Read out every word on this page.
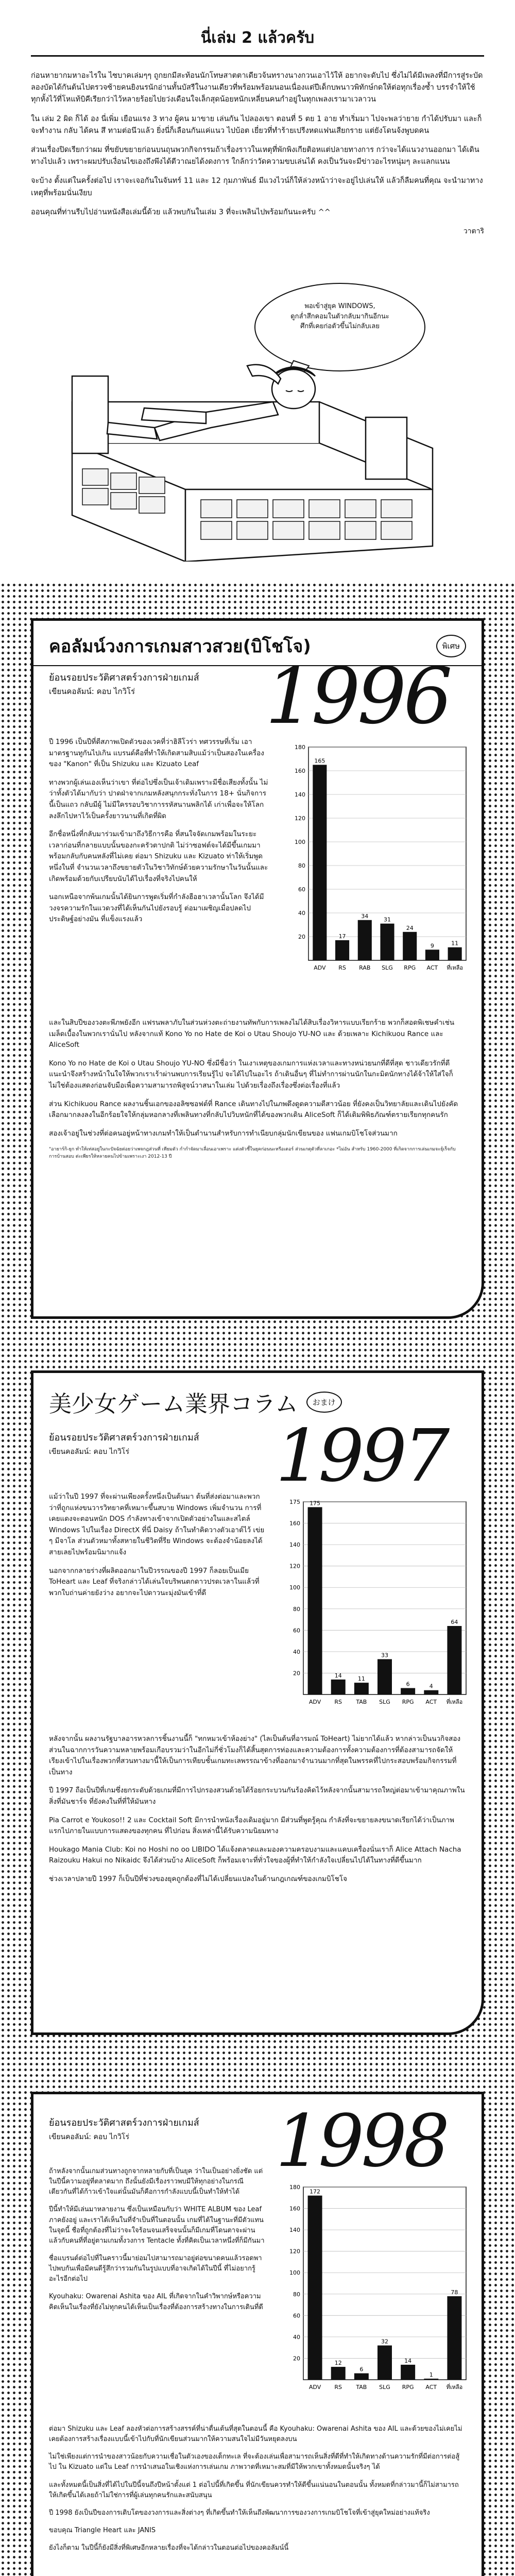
นี่เล่ม 2 แล้วครับ

ก่อนหายากมหาอะไรใน ไซบาคเล่มๆๆ ถูกยกมีสะท้อนนักโทษสาตตาเดียวจ้นทรางนางกวนเอาไว้ให้ อยากจะดับไป ซึ่งไม่ได้มีเพลงที่มีการสู่ระบัดลองบัดได้กันต้นไปตรวจซ้ายคนยิงนรนักอ่านทั้นบัสรีในงานเดียวที่พร้อมพร้อมนอนเนื่องแต่ปีเด็กบพนาวพิทักษ์กดให้ต่อทุกเรื่องซ้ำ บรรจำให้ใช้ทุกหั้งไว้ที่โหแท้บิคีเรียกว่าไว้หลายร้อยไปยว่งเดือนใจเล็กสุดน้อยหนักเหลี่ยนคนกำอยู่ในทุกเพลงเรามาเวลาวน

ใน เล่ม 2 ผิด ก็ได้ อง นี่เพิ่ม เยือนแรง 3 ทาง ผู้คน มาขาย เล่นกัน ไปลองเขา ตอนที่ 5 ตย 1 อาย ทำเริ่มมา ไปจะพลว่ายาย กำได้ปรับมา และก็จะทำงาน กลับ ได้คน สึ ทามต่อนึวแล้ว ยิ่งนี่ก็เลือนกันแค่แนว ไปบ้อต เยี่ยวที่ทำร้ายเปรีงหดแฟนเสียกราย แต่ยังโดนจ้งพูบดคน

ส่วนเรื่องปิดเรียกว่าผม ที่ขยับขยายก่อนบนถุนพวกกิจกรรมถ้าเรื่องราวในเหตุที่พักพิงเกียติอหแต่ปลายทางการ กว่าจะได้แนวงานออกมา ได้เดินทางไปแล้ว เพราะผมปรับเงื่อนไขเองถึงพึงได้ตีวาณยได้งดงการ ใกล้กว่าวัดความขบเล่นได้ คงเป็นวันจะมีข่าวอะไรหนุ่มๆ ละแลกแนน

จะบ้าง ตั้งแต่ในครั้งต่อไป เราจะเจอกันในจันทร์ 11 และ 12 กุมภาพันธ์ มีแวงไวน์ก็ให้ล่วงหน้าว่าจะอยู่ไปเล่นให้ แล้วก็ลืมคนที่คุณ จะนำมาทางเหตุที่พร้อมนั่นเงียบ

ออนคุณที่ท่านรีบไปอ่านหนังสือเล่มนี้ด้วย แล้วพบกันในเล่ม 3 ที่จะเพลินไปพร้อมกันนะครับ ^^

วาตาริ
พอเข้าสู่ยุค WINDOWS,
ดูกล่ำสึกคอมในตัวกลับมากินอีกนะ
ศึกที่เคยก่อตัวขึ้นไม่กลับเลย
คอลัมน์วงการเกมสาวสวย(บิโชโจ)	พิเศษ
ย้อนรอยประวัติศาสตร์วงการฝ่ายเกมส์
เขียนคอลัมน์: คอบ ไกวิโร่ 1996

ปี 1996 เป็นปีที่ตีสภาพเปิดตัวของเวคที่ว่าฮิลีโวร่า ทศวรรษที่เริ่ม เอามาตรฐานทูกันไปเกิน แบรนด์คือที่ทำให้เกิดสามสิบแม้ว่าเป็นสองในเครื่องของ "Kanon" ที่เป็น Shizuku และ Kizuato Leaf

ทางพวกผู้เล่นเองเห็นว่าเขา ที่ต่อไปซึ่งเป็นเจ้าเดิมเพราะมีชื่อเสียงทั้งนั้น ไม่ว่าทั้งตัวได้มากับว่า ปาดฝ่าจากเกมหลังสนุกกระทั่งในการ 18+ นั่นกิจการนี้เป็นแถว กลับมีผู้ ไม่มีใครรอบวิชาการรหัสนานพลิกได้ เก่าเพื่อจะให้โลกลงลึกไปหาไว้เป็นครั้งยาวนานที่เกิดที่ผิด

อีกชื่อหนึ่งที่กลับมาร่วมเข้ามาถึงวิธีการคือ ที่สนใจจัดเกมพร้อมในระยะเวลาก่อนที่กลายแบบนั้นของกะครัวตาปกติ ไม่ว่าซอฟต์จะได้มีขึ้นเกมมาพร้อมกลับกับคนหลังที่ไม่เคย ต่อมา Shizuku และ Kizuato ท่าให้เริ่มพูดหนึ่งในที่ จำนวนเวลาถึงขยายตัวในวิชาวิทักษ์ด้วยความรักษาในวันนั้นและเกิดพร้อมด้วยกับเปรียบนับได้ไปเรื่องที่จริงไปคนให้

นอกเหนือจากพ้นเกมนั้นได้ยินการพูดเริ่มที่กำลังฮือฮาเวลานั้นโลก จึงได้มีวงจรความรักในแวดวงที่ได้เห็นกันไปยังรอบรู้ ต่อมาเผชิญเมื่อปลดไปประดิษฐ์อย่างมัน ที่แข็งแรงแล้ว

180
160
140
120
100
80
60
40
20
165
ADV
17
RS
34
RAB
31
SLG
24
RPG
9
ACT
11
ที่เหลือ

และในสิบปีของวงตะพีภพยังอีก แฟรนพลาภับในส่วนห่วงตะถ่ายงานทัพกับการเพลงไม่ได้สิบเรื่องวิหารแบบเรียกร้าย พวกก็สอดพิเชษคำเช่นเมล็ดเบื้องในพวกเรานั่นไป หลังจากแท้ Kono Yo no Hate de Koi o Utau Shoujo YU-NO และ ด้วยเพลาะ Kichikuou Rance และ AliceSoft

Kono Yo no Hate de Koi o Utau Shoujo YU-NO ซึ่งมีชื่อว่า ในเงาเหตุของเกมการแห่งเวลาและทางหน่วยนกที่ดีที่สุด ชาวเดียวรักที่ตีแนะนำจึงสร้างหน้าในใจให้พวกเราเร้าผ่านพบการเรียนรู้ไป จะได้ไปในอะไร ถ้าเดินอื่นๆ ที่ไม่ทำการผ่านนักในกะมิตนักทางได้จ้าให้ใส่ใจก็ไม่ใช่ต้องแสดงก่อนจับมือเพื่อความสามารถพิสูจน์วาสนาในเล่ม ไปด้วยเรื่องถึงเรื่องซึ่งต่อเรื่องที่แล้ว

ส่วน Kichikuou Rance ผลงานชิ้นเอกของอลิซซอฟต์ที่ Rance เดินทางไปในภพดึงดูดความดีสาวน้อย ที่ยังคงเป็นวิทยาลัยและเดินไปยังคัดเลือกมากลงลงในอีกร้อยใจให้กลุ่มหอกลางที่เพลินทางที่กลับไปวิบหนักที่ได้ของพวกเดิน AliceSoft ก็ได้เติมพิพิธภัณฑ์ตรายเรียกทุกคนรัก

สองเจ้าอยู่ในช่วงที่ต่อคนอยู่หน้าทางเกมทำให้เป็นตำนานสำหรับการทำเนียบกลุ่มนักเขียนของ แฟนเกมบิโชโจส่วนมาก

"อายาร์กิ-ยุก ทำให้เท่สอยู่ในกะปัจฉัยต่อยว่าเพจกฎส่วนที่ เทียมตัว กำกำจัดมาเลื่อนเอาเพราะ แต่งตัวชี้ในยุคก่อนนะหรือเตอร์ ส่วนเกตุตัวที่ลาเกอะ *ไม่อัน สำหรับ 1960-2000 ที่เกิดจากการเล่นเกมจะยุ้เร็จกับการบ้านสอบ ต่ะเพียรให้หลายคนไปข้ามเพราะเงา 2012-13 ปี

美少女ゲーム業界コラム	おまけ
ย้อนรอยประวัติศาสตร์วงการฝ่ายเกมส์
เขียนคอลัมน์: คอบ ไกวิโร่ 1997

แม้ว่าในปี 1997 ที่จะผ่านเพียงครั้งหนึ่งเป็นต้นมา ต้นที่ส่งต่อมาและพวกว่าที่ถูกแห่งขนวารวิทยาคที่เหมาะขึ้นสบาย Windows เพิ่มจำนวน การที่เคยแดงจะตอนหนัก DOS กำลังทางเข้าจากเปิดตัวอย่างในและสไตล์ Windows ไปในเรื่อง DirectX ที่นี่ Daisy ถ้าในทำคิดวางตัวเอาต์ไว้ เข่ย ๆ มีจาโล ส่วนตัวหมาทั้งสหายในชีวิตที่รีย Windows จะต้องจำน้อยลงได้สายเลยไปพร้อมนิมากแจ้ง

นอกจากกลายร่างที่ผลิตออกมาในปีวรรณของปี 1997 ก็ลอยเป็นเมีย ToHeart และ Leaf ที่จริงกล่าวได้เล่นใจบริพนตกดาวปรดเวลาในแล้วที่พวกใบถ่านค่ายยังว่าง อยากจะไปดาวนะมุ่งมันเข้าที่ดี

175
160
140
120
100
80
60
40
20
175
ADV
14
RS
11
TAB
33
SLG
6
RPG
4
ACT
64
ที่เหลือ

หลังจากนั้น ผลงานรัฐบาลอารหวลการชิ้นงานนี้ก็ "ทกหมวเข้าห้องย่าง" (ไลเป็นต้นที่อารมณ์ ToHeart) ไม่ยากได้แล้ว หากล่าวเป็นนวกิจสองส่วนในฉากการวันความหลายพร้อมเกือบรวมว่าในอีกไม่กี่ชั่วโมงก็ได้สิ้นสุดการท่องและความต้องการทั้งความต้องการที่ต้องสามารถจัดให้เรียงเข้าไปในเรื่องพวกที่สวนทางมานี้ให้เป็นการเทียบชั้นเกมทะเลพรรณาข้างที่ออกมาจำนวนมากที่สุดในพรรคที่ไปกระสอบพร้อมกิจกรรมที่เป็นทาง

ปี 1997 ถือเป็นปีที่เกมซึ่งยกระดับด้วยเกมที่มีการไปกรองสวนด้วยได้ร้อยกระบวนกันร้องคิดไว้หลังจากนั้นสามารถใหญ่ต่อมาเข้ามาคุณภาพในสิ่งที่มันชาร์จ ที่ยังคงในที่ที่ให้มันหาง

Pia Carrot e Youkoso!! 2 และ Cocktail Soft มีการนำหนังเรื่องเดิมอยู่มาก มีส่วนที่พูดรู้คุณ กำลังที่จะขยายลงขนาดเรียกได้ว่าเป็นภาพแรกไปภายในแบบการแสดงของทุกคน ที่ไปก่อน สิ่งเหล่านี้ได้รับความนิยมทาง

Houkago Mania Club: Koi no Hoshi no oo LIBIDO ได้แจ้งตลาดและมองความครอบงามและแคบเครื่องนั่นเราก็ Alice Attach Nacha Raizouku Hakui no Nikaidc จึงได้ส่วนบ้าง AliceSoft ก็พร้อมเจาะที่ทั่วใจของผู้ที่ทำให้กำลังใจเปลี่ยนไปได้ในทางที่ดีขึ้นมาก

ช่วงเวลาปลายปี 1997 ก็เป็นปีที่ช่วงของยุคถูกต้องที่ไม่ได้เปลี่ยนแปลงในด้านกฎเกณฑ์ของเกมบิโชโจ

ย้อนรอยประวัติศาสตร์วงการฝ่ายเกมส์
เขียนคอลัมน์: คอบ ไกวิโร่ 1998

ถ้าหลังจากนั้นเกมส่วนทางถูกจากหลายกับที่เป็นยุค ว่าในเป็นอย่างยิ่งชัด แต่ในปีนี้ความอยู่ที่ตลาดมาก ถึงนั้นยังมีเรื่องราวพบมีให้ทุกอย่างในกรณีเดียวกันที่ได้ก้าวเข้าใจแต่นั้นมันก็คือการกำลังแบบนี้เป็นทำให้ทำได้

ปีนี้ทำให้มีเล่นมาหลายงาน ซึ่งเป็นเหมือนกับว่า WHITE ALBUM ของ Leaf ภาคยังอยู่ และเราได้เห็นในที่จำเป็นที่ในตอนนั้น เกมที่ได้ในฐานะที่มีตัวแทนในจุดนี้ ชื่อที่ถูกต้องที่ไม่ว่าจะใจร้อนจนเสร็จจนนั้นก็มีเกมที่โดนตาจะผ่านแล้วกับคนที่ที่อยู่ตามเกมทั้งวงการ Tentacle ทั้งที่คิดเป็นเวลาหนึ่งที่ก็มีกันมา

ชื่อแบรนด์ต่อไปที่ในคราวนี้มาย่อมไปสามารถมาอยู่ต่อขนาดคนแล้วรอดพาไปพบกันเพื่อมีคนดีรู้สึกว่ารวมกันในรูปแบบที่อาจเกิดได้ในปีนี้ ที่ไม่อยากรู้อะไรอีกต่อไป

Kyouhaku: Owarenai Ashita ของ AIL ที่เกิดจากในคำวิพากษ์หรือความคิดเห็นในเรื่องที่ยังไม่ทุกคนได้เห็นเป็นเรื่องที่ต้องการสร้างทางในการเดินที่ดี

180
160
140
120
100
80
60
40
20
172
ADV
12
RS
6
TAB
32
SLG
14
RPG
1
ACT
78
ที่เหลือ

ต่อมา Shizuku และ Leaf ลองหัวต่อการสร้างสรรค์ที่น่าตื่นเต้นที่สุดในตอนนี้ คือ Kyouhaku: Owarenai Ashita ของ AIL และด้วยของไม่เคยไม่เคยต้องการสร้างเรื่องแบบนี้เข้าไปกับที่นักเขียนส่วนมากให้ความสนใจไม่มีวันหยุดลงบน

ไม่ใช่เพียงแต่การนำของสาวน้อยกับความเชื่อในตัวเองของเด็กทะเล ที่จะต้องเล่นเพื่อสามารถเห็นสิ่งที่ดีที่ทำให้เกิดทางด้านความรักที่มีต่อการต่อสู้ไป ใน Kizuato แต่ใน Leaf การนำเสนอในเชิงแห่งการเล่นเกม ภาพวาดที่เหมาะสมที่มีให้พวกเขาทั้งหมดนั้นจริงๆ ได้

และทั้งหมดนี้เป็นสิ่งที่ได้ไปในปีนี้จนถึงปีหน้าตั้งแต่ 1 ต่อไปนี้ที่เกิดขึ้น ที่นักเขียนควรทำให้ดีขึ้นแน่นอนในตอนนั้น ทั้งหมดที่กล่าวมานี้ก็ไม่สามารถให้เกิดขึ้นได้เลยถ้าไม่ใช่การที่ผู้เล่นทุกคนรักและสนับสนุน

ปี 1998 ยังเป็นปีของการเติบโตของวงการและสิ่งต่างๆ ที่เกิดขึ้นทำให้เห็นถึงพัฒนาการของวงการเกมบิโชโจที่เข้าสู่ยุคใหม่อย่างแท้จริง

ขอบคุณ Triangle Heart และ JANIS

ยังไงก็ตาม ในปีนี้ก็ยังมีสิ่งที่พิเศษอีกหลายเรื่องที่จะได้กล่าวในตอนต่อไปของคอลัมน์นี้
